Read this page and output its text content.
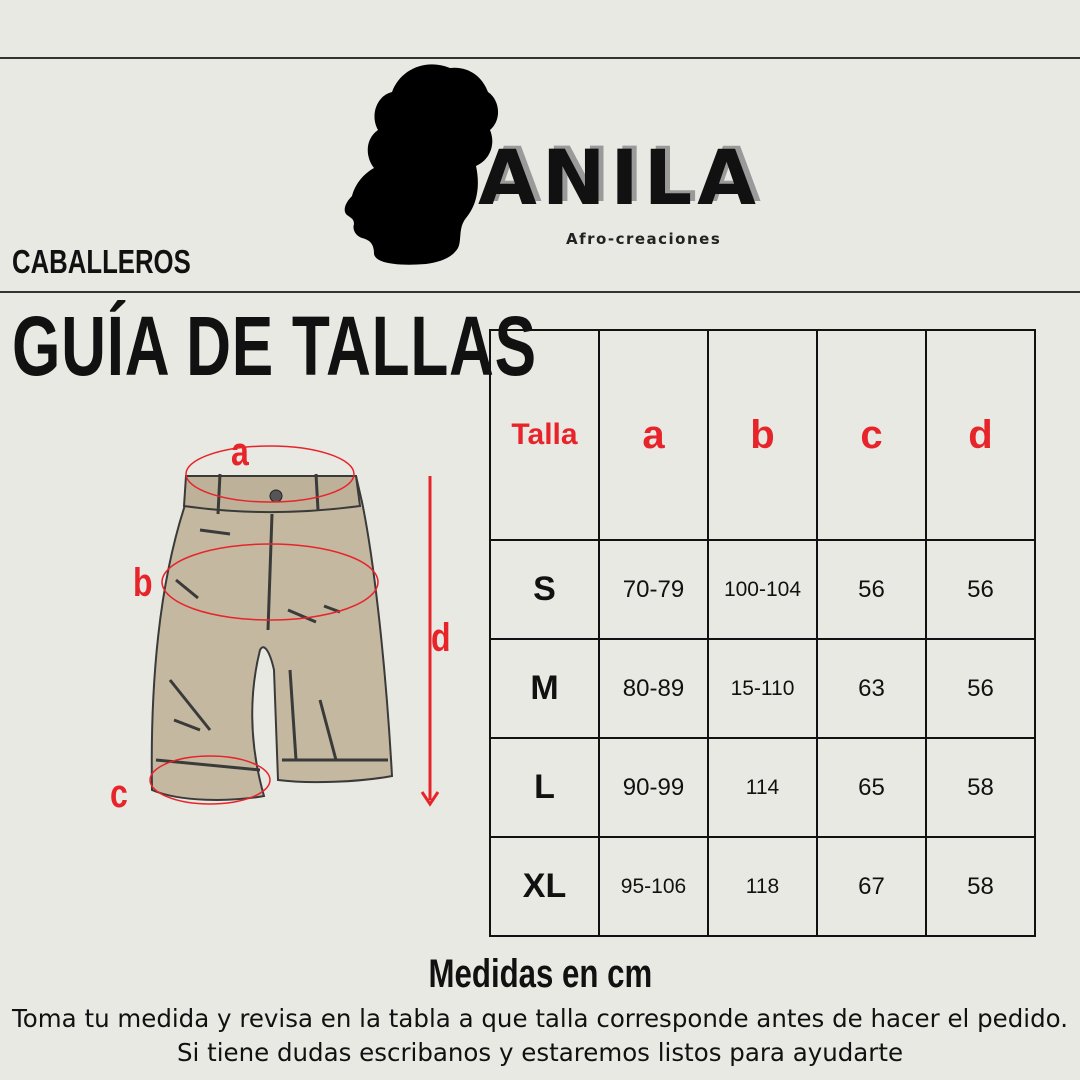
ANILA
Afro-creaciones
CABALLEROS
GUÍA DE TALLAS
a
b
c
d
Talla	a	b	c	d
S	70-79	100-104	56	56
M	80-89	15-110	63	56
L	90-99	114	65	58
XL	95-106	118	67	58
Medidas en cm
Toma tu medida y revisa en la tabla a que talla corresponde antes de hacer el pedido. Si tiene dudas escribanos y estaremos listos para ayudarte
